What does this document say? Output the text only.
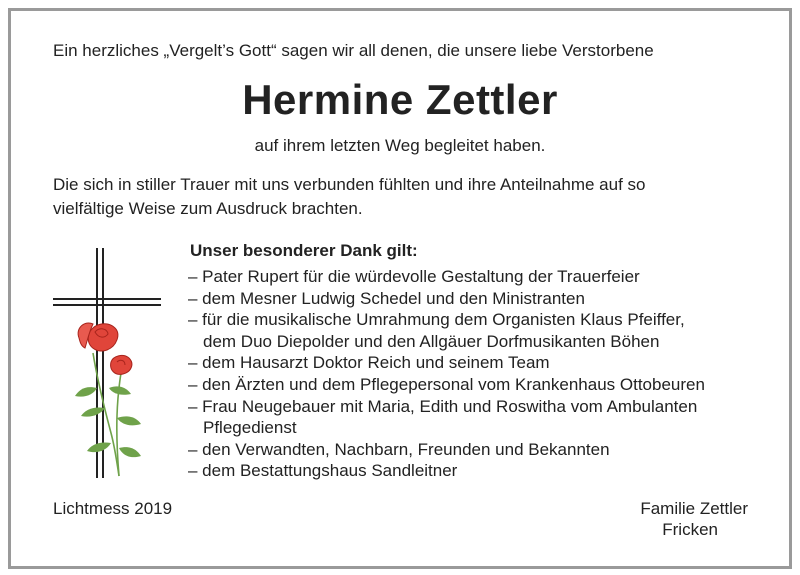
Ein herzliches „Vergelt’s Gott“ sagen wir all denen, die unsere liebe Verstorbene
Hermine Zettler
auf ihrem letzten Weg begleitet haben.
Die sich in stiller Trauer mit uns verbunden fühlten und ihre Anteilnahme auf so
vielfältige Weise zum Ausdruck brachten.
Unser besonderer Dank gilt:
– Pater Rupert für die würdevolle Gestaltung der Trauerfeier
– dem Mesner Ludwig Schedel und den Ministranten
– für die musikalische Umrahmung dem Organisten Klaus Pfeiffer,
dem Duo Diepolder und den Allgäuer Dorfmusikanten Böhen
– dem Hausarzt Doktor Reich und seinem Team
– den Ärzten und dem Pflegepersonal vom Krankenhaus Ottobeuren
– Frau Neugebauer mit Maria, Edith und Roswitha vom Ambulanten
Pflegedienst
– den Verwandten, Nachbarn, Freunden und Bekannten
– dem Bestattungshaus Sandleitner
Lichtmess 2019	Familie Zettler
Fricken
